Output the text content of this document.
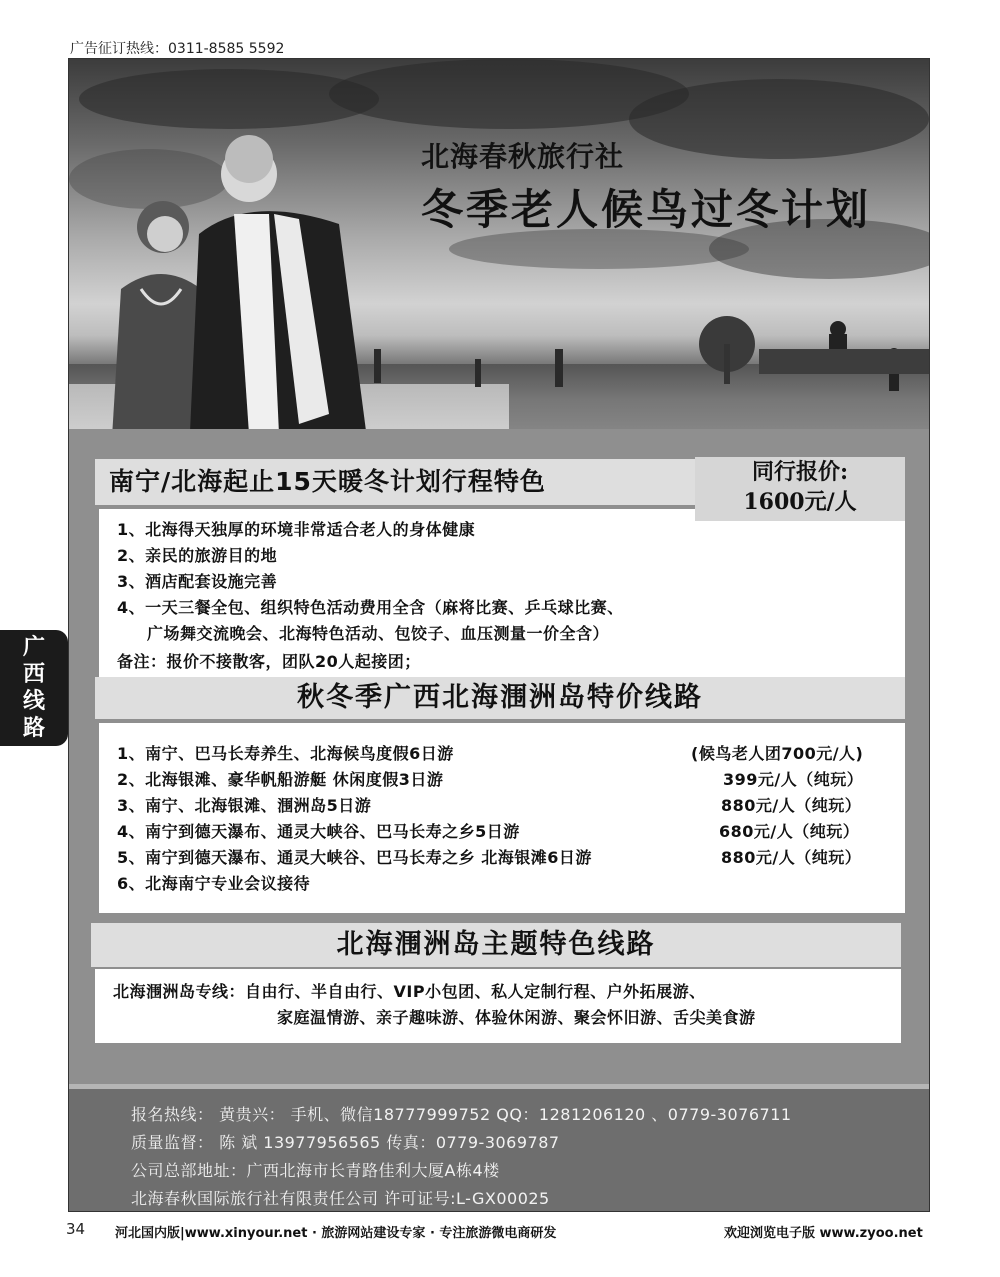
广告征订热线：0311-8585 5592
北海春秋旅行社
冬季老人候鸟过冬计划
南宁/北海起止15天暖冬计划行程特色	同行报价:
1600元/人
1、北海得天独厚的环境非常适合老人的身体健康
2、亲民的旅游目的地
3、酒店配套设施完善
4、一天三餐全包、组织特色活动费用全含（麻将比赛、乒乓球比赛、
广场舞交流晚会、北海特色活动、包饺子、血压测量一价全含）
备注：报价不接散客，团队20人起接团；
秋冬季广西北海涠洲岛特价线路
1、南宁、巴马长寿养生、北海候鸟度假6日游	(候鸟老人团700元/人)
2、北海银滩、豪华帆船游艇 休闲度假3日游	399元/人（纯玩）
3、南宁、北海银滩、涠洲岛5日游	880元/人（纯玩）
4、南宁到德天瀑布、通灵大峡谷、巴马长寿之乡5日游	680元/人（纯玩）
5、南宁到德天瀑布、通灵大峡谷、巴马长寿之乡 北海银滩6日游	880元/人（纯玩）
6、北海南宁专业会议接待
北海涠洲岛主题特色线路
北海涠洲岛专线：自由行、半自由行、VIP小包团、私人定制行程、户外拓展游、
家庭温情游、亲子趣味游、体验休闲游、聚会怀旧游、舌尖美食游
报名热线： 黄贵兴： 手机、微信18777999752 QQ：1281206120 、0779-3076711
质量监督： 陈 斌 13977956565 传真：0779-3069787
公司总部地址：广西北海市长青路佳利大厦A栋4楼
北海春秋国际旅行社有限责任公司 许可证号:L-GX00025
广
西
线
路
34 河北国内版|www.xinyour.net · 旅游网站建设专家 · 专注旅游微电商研发	欢迎浏览电子版 www.zyoo.net
